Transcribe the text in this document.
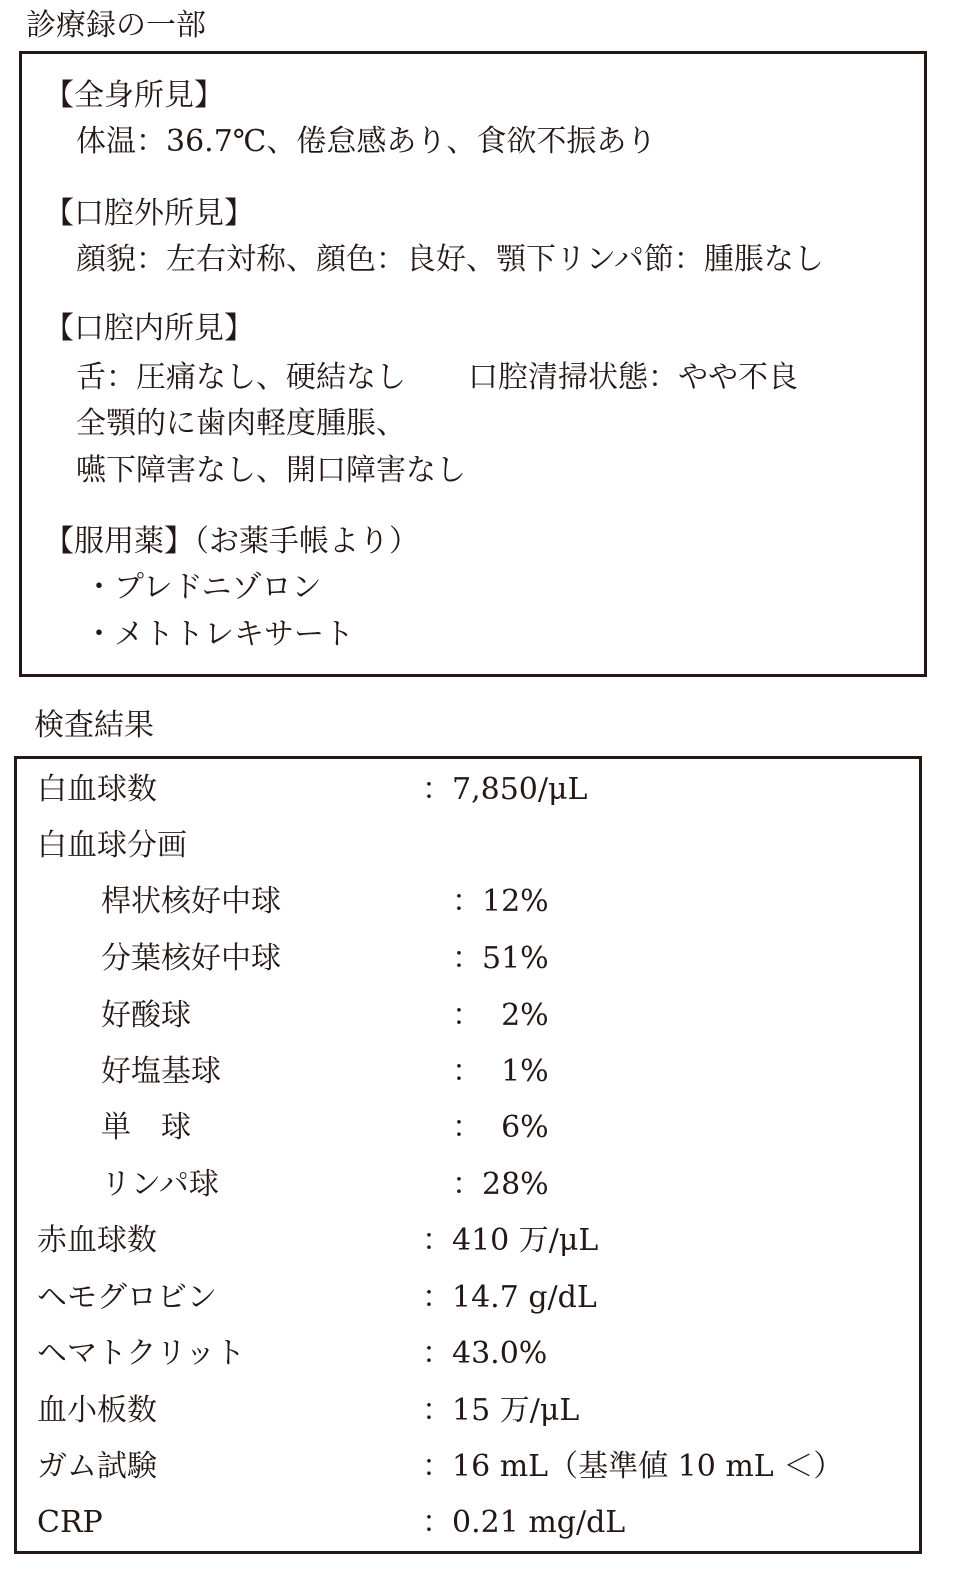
診療録の一部
【全身所見】
体温：36.7℃、倦怠感あり、食欲不振あり
【口腔外所見】
顔貌：左右対称、顔色：良好、顎下リンパ節：腫脹なし
【口腔内所見】
舌：圧痛なし、硬結なし 口腔清掃状態：やや不良
全顎的に歯肉軽度腫脹、
嚥下障害なし、開口障害なし
【服用薬】（お薬手帳より）
・プレドニゾロン
・メトトレキサート
検査結果
白血球数	：7,850/μL
白血球分画
桿状核好中球	：12%
分葉核好中球	：51%
好酸球	：  2%
好塩基球	：  1%
単　球	：  6%
リンパ球	：28%
赤血球数	：410 万/μL
ヘモグロビン	：14.7 g/dL
ヘマトクリット	：43.0%
血小板数	：15 万/μL
ガム試験	：16 mL（基準値 10 mL ＜）
CRP	：0.21 mg/dL
